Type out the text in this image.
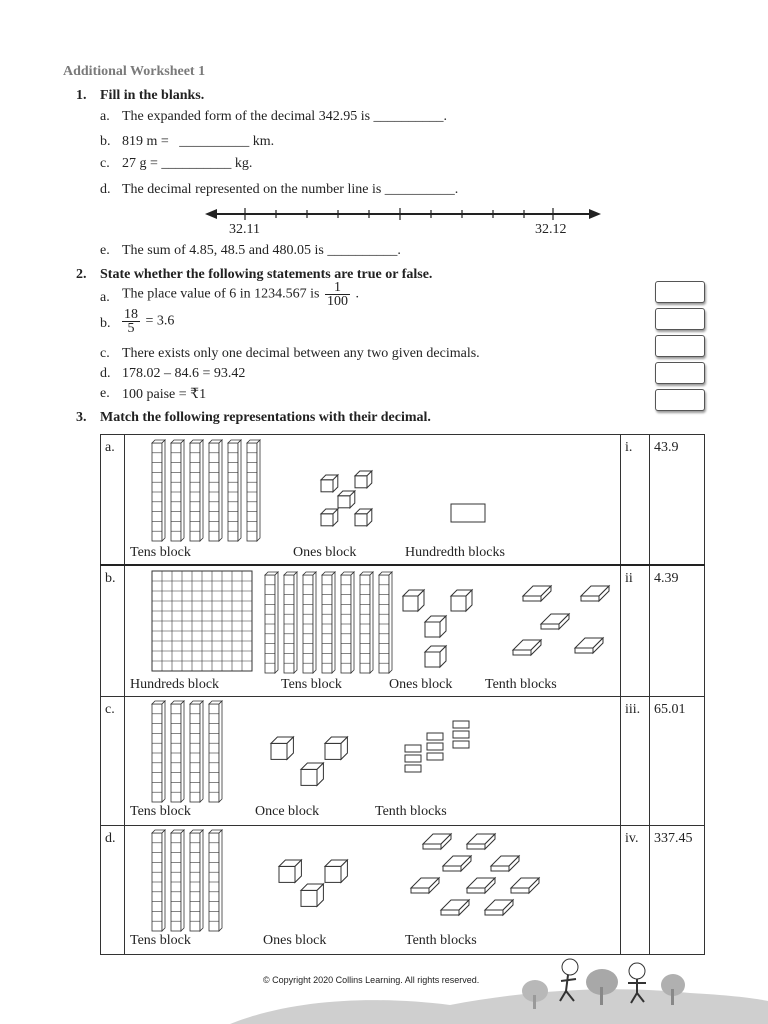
Additional Worksheet 1
1. Fill in the blanks.
a. The expanded form of the decimal 342.95 is __________.
b. 819 m =   __________ km.
c. 27 g = __________ kg.
d. The decimal represented on the number line is __________.
32.11	32.12
e. The sum of 4.85, 48.5 and 480.05 is __________.
2. State whether the following statements are true or false.
a. The place value of 6 in 1234.567 is $\frac{1}{100}$ .
b. $\frac{18}{5} = 3.6$
c. There exists only one decimal between any two given decimals.
d. 178.02 – 84.6 = 93.42
e. 100 paise = ₹1
3. Match the following representations with their decimal.
a.	Tens block Ones block Hundredth blocks	i.	43.9

b.	Hundreds block Tens block Ones block Tenth blocks	ii	4.39

c.	Tens block Once block Tenth blocks	iii.	65.01

d.	Tens block Ones block Tenth blocks	iv.	337.45
© Copyright 2020 Collins Learning. All rights reserved.
